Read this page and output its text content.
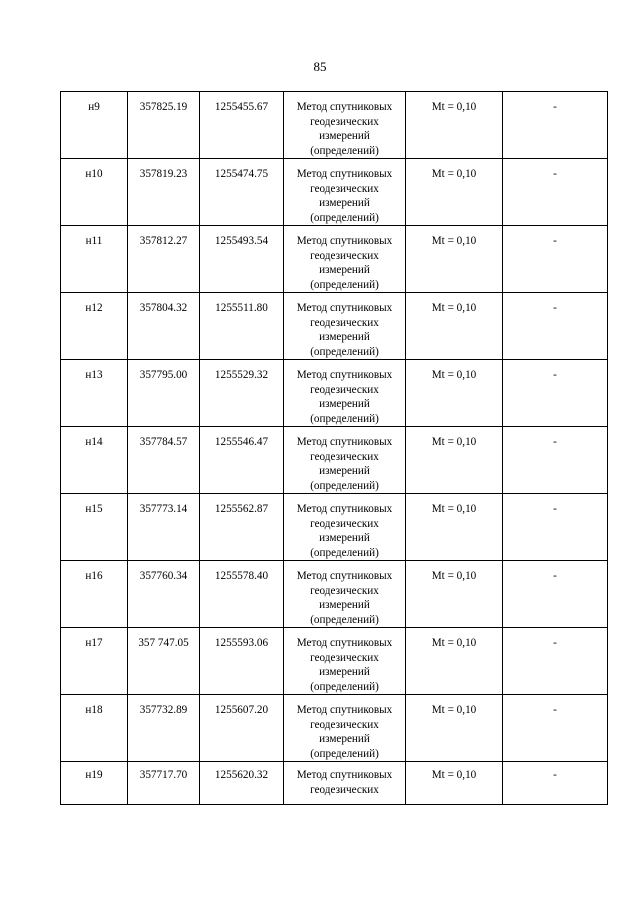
85
н9	357825.19	1255455.67	Метод спутниковых
геодезических
измерений
(определений)	Mt = 0,10	-
н10	357819.23	1255474.75	Метод спутниковых
геодезических
измерений
(определений)	Mt = 0,10	-
н11	357812.27	1255493.54	Метод спутниковых
геодезических
измерений
(определений)	Mt = 0,10	-
н12	357804.32	1255511.80	Метод спутниковых
геодезических
измерений
(определений)	Mt = 0,10	-
н13	357795.00	1255529.32	Метод спутниковых
геодезических
измерений
(определений)	Mt = 0,10	-
н14	357784.57	1255546.47	Метод спутниковых
геодезических
измерений
(определений)	Mt = 0,10	-
н15	357773.14	1255562.87	Метод спутниковых
геодезических
измерений
(определений)	Mt = 0,10	-
н16	357760.34	1255578.40	Метод спутниковых
геодезических
измерений
(определений)	Mt = 0,10	-
н17	357 747.05	1255593.06	Метод спутниковых
геодезических
измерений
(определений)	Mt = 0,10	-
н18	357732.89	1255607.20	Метод спутниковых
геодезических
измерений
(определений)	Mt = 0,10	-
н19	357717.70	1255620.32	Метод спутниковых
геодезических	Mt = 0,10	-
